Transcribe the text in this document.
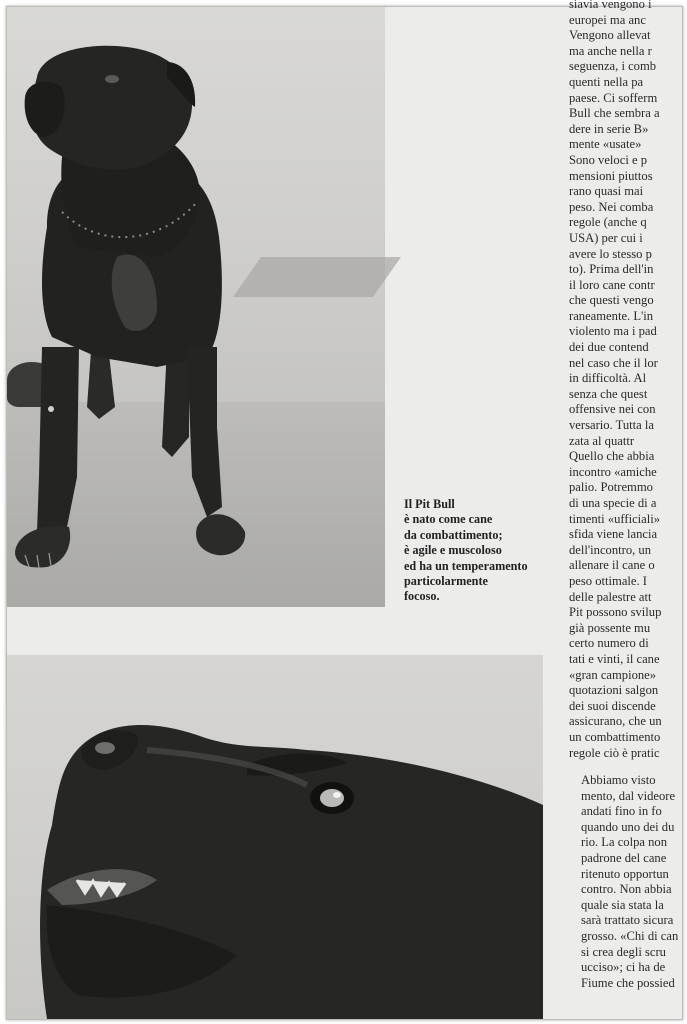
Il Pit Bull
è nato come cane
da combattimento;
è agile e muscoloso
ed ha un temperamento
particolarmente
focoso.
siavia vengono i
europei ma anc
Vengono allevat
ma anche nella r
seguenza, i comb
quenti nella pa
paese. Ci sofferm
Bull che sembra a
dere in serie B»
mente «usate»
Sono veloci e p
mensioni piuttos
rano quasi mai
peso. Nei comba
regole (anche q
USA) per cui i
avere lo stesso p
to). Prima dell'in
il loro cane contr
che questi vengo
raneamente. L'in
violento ma i pad
dei due contend
nel caso che il lor
in difficoltà. Al
senza che quest
offensive nei con
versario. Tutta la
zata al quattr
Quello che abbia
incontro «amiche
palio. Potremmo
di una specie di a
timenti «ufficiali»
sfida viene lancia
dell'incontro, un
allenare il cane o
peso ottimale. I
delle palestre att
Pit possono svilup
già possente mu
certo numero di
tati e vinti, il cane
«gran campione»
quotazioni salgon
dei suoi discende
assicurano, che un
un combattimento
regole ciò è pratic
Abbiamo visto
mento, dal videore
andati fino in fo
quando uno dei du
rio. La colpa non
padrone del cane
ritenuto opportun
contro. Non abbia
quale sia stata la
sarà trattato sicura
grosso. «Chi di can
si crea degli scru
ucciso»; ci ha de
Fiume che possied
